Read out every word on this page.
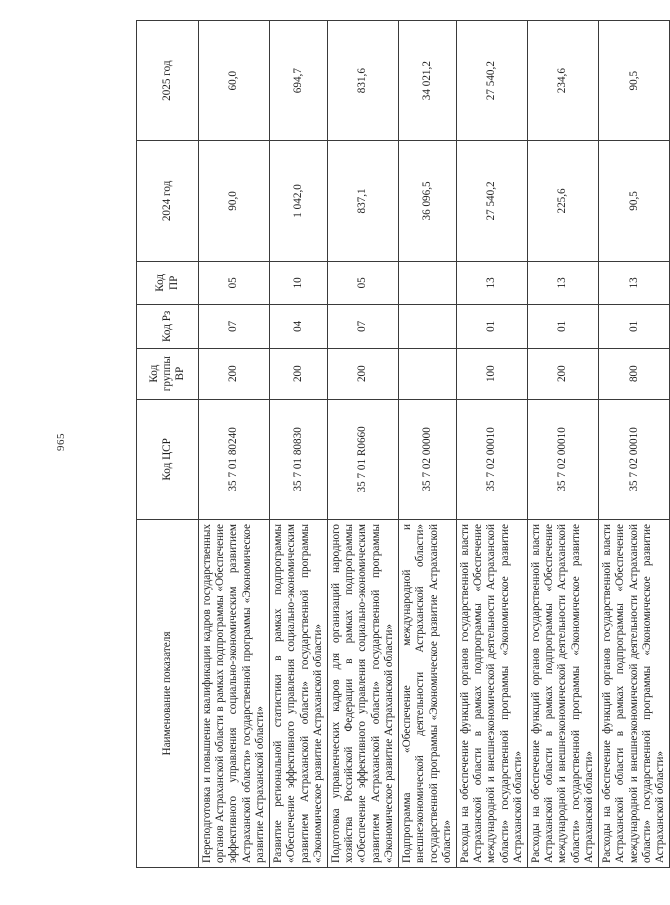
965
Наименование показателя	Код ЦСР	Код группы ВР	Код Рз	Код ПР	2024 год	2025 год
Переподготовка и повышение квалификации кадров государственных органов Астраханской области в рамках подпрограммы «Обеспечение эффективного управления социально-экономическим развитием Астраханской области» государственной программы «Экономическое развитие Астраханской области»	35 7 01 80240	200	07	05	90,0	60,0
Развитие региональной статистики в рамках подпрограммы «Обеспечение эффективного управления социально-экономическим развитием Астраханской области» государственной программы «Экономическое развитие Астраханской области»	35 7 01 80830	200	04	10	1 042,0	694,7
Подготовка управленческих кадров для организаций народного хозяйства Российской Федерации в рамках подпрограммы «Обеспечение эффективного управления социально-экономическим развитием Астраханской области» государственной программы «Экономическое развитие Астраханской области»	35 7 01 R0660	200	07	05	837,1	831,6
Подпрограмма «Обеспечение международной и внешнеэкономической деятельности Астраханской области» государственной программы «Экономическое развитие Астраханской области»	35 7 02 00000				36 096,5	34 021,2
Расходы на обеспечение функций органов государственной власти Астраханской области в рамках подпрограммы «Обеспечение международной и внешнеэкономической деятельности Астраханской области» государственной программы «Экономическое развитие Астраханской области»	35 7 02 00010	100	01	13	27 540,2	27 540,2
Расходы на обеспечение функций органов государственной власти Астраханской области в рамках подпрограммы «Обеспечение международной и внешнеэкономической деятельности Астраханской области» государственной программы «Экономическое развитие Астраханской области»	35 7 02 00010	200	01	13	225,6	234,6
Расходы на обеспечение функций органов государственной власти Астраханской области в рамках подпрограммы «Обеспечение международной и внешнеэкономической деятельности Астраханской области» государственной программы «Экономическое развитие Астраханской области»	35 7 02 00010	800	01	13	90,5	90,5
